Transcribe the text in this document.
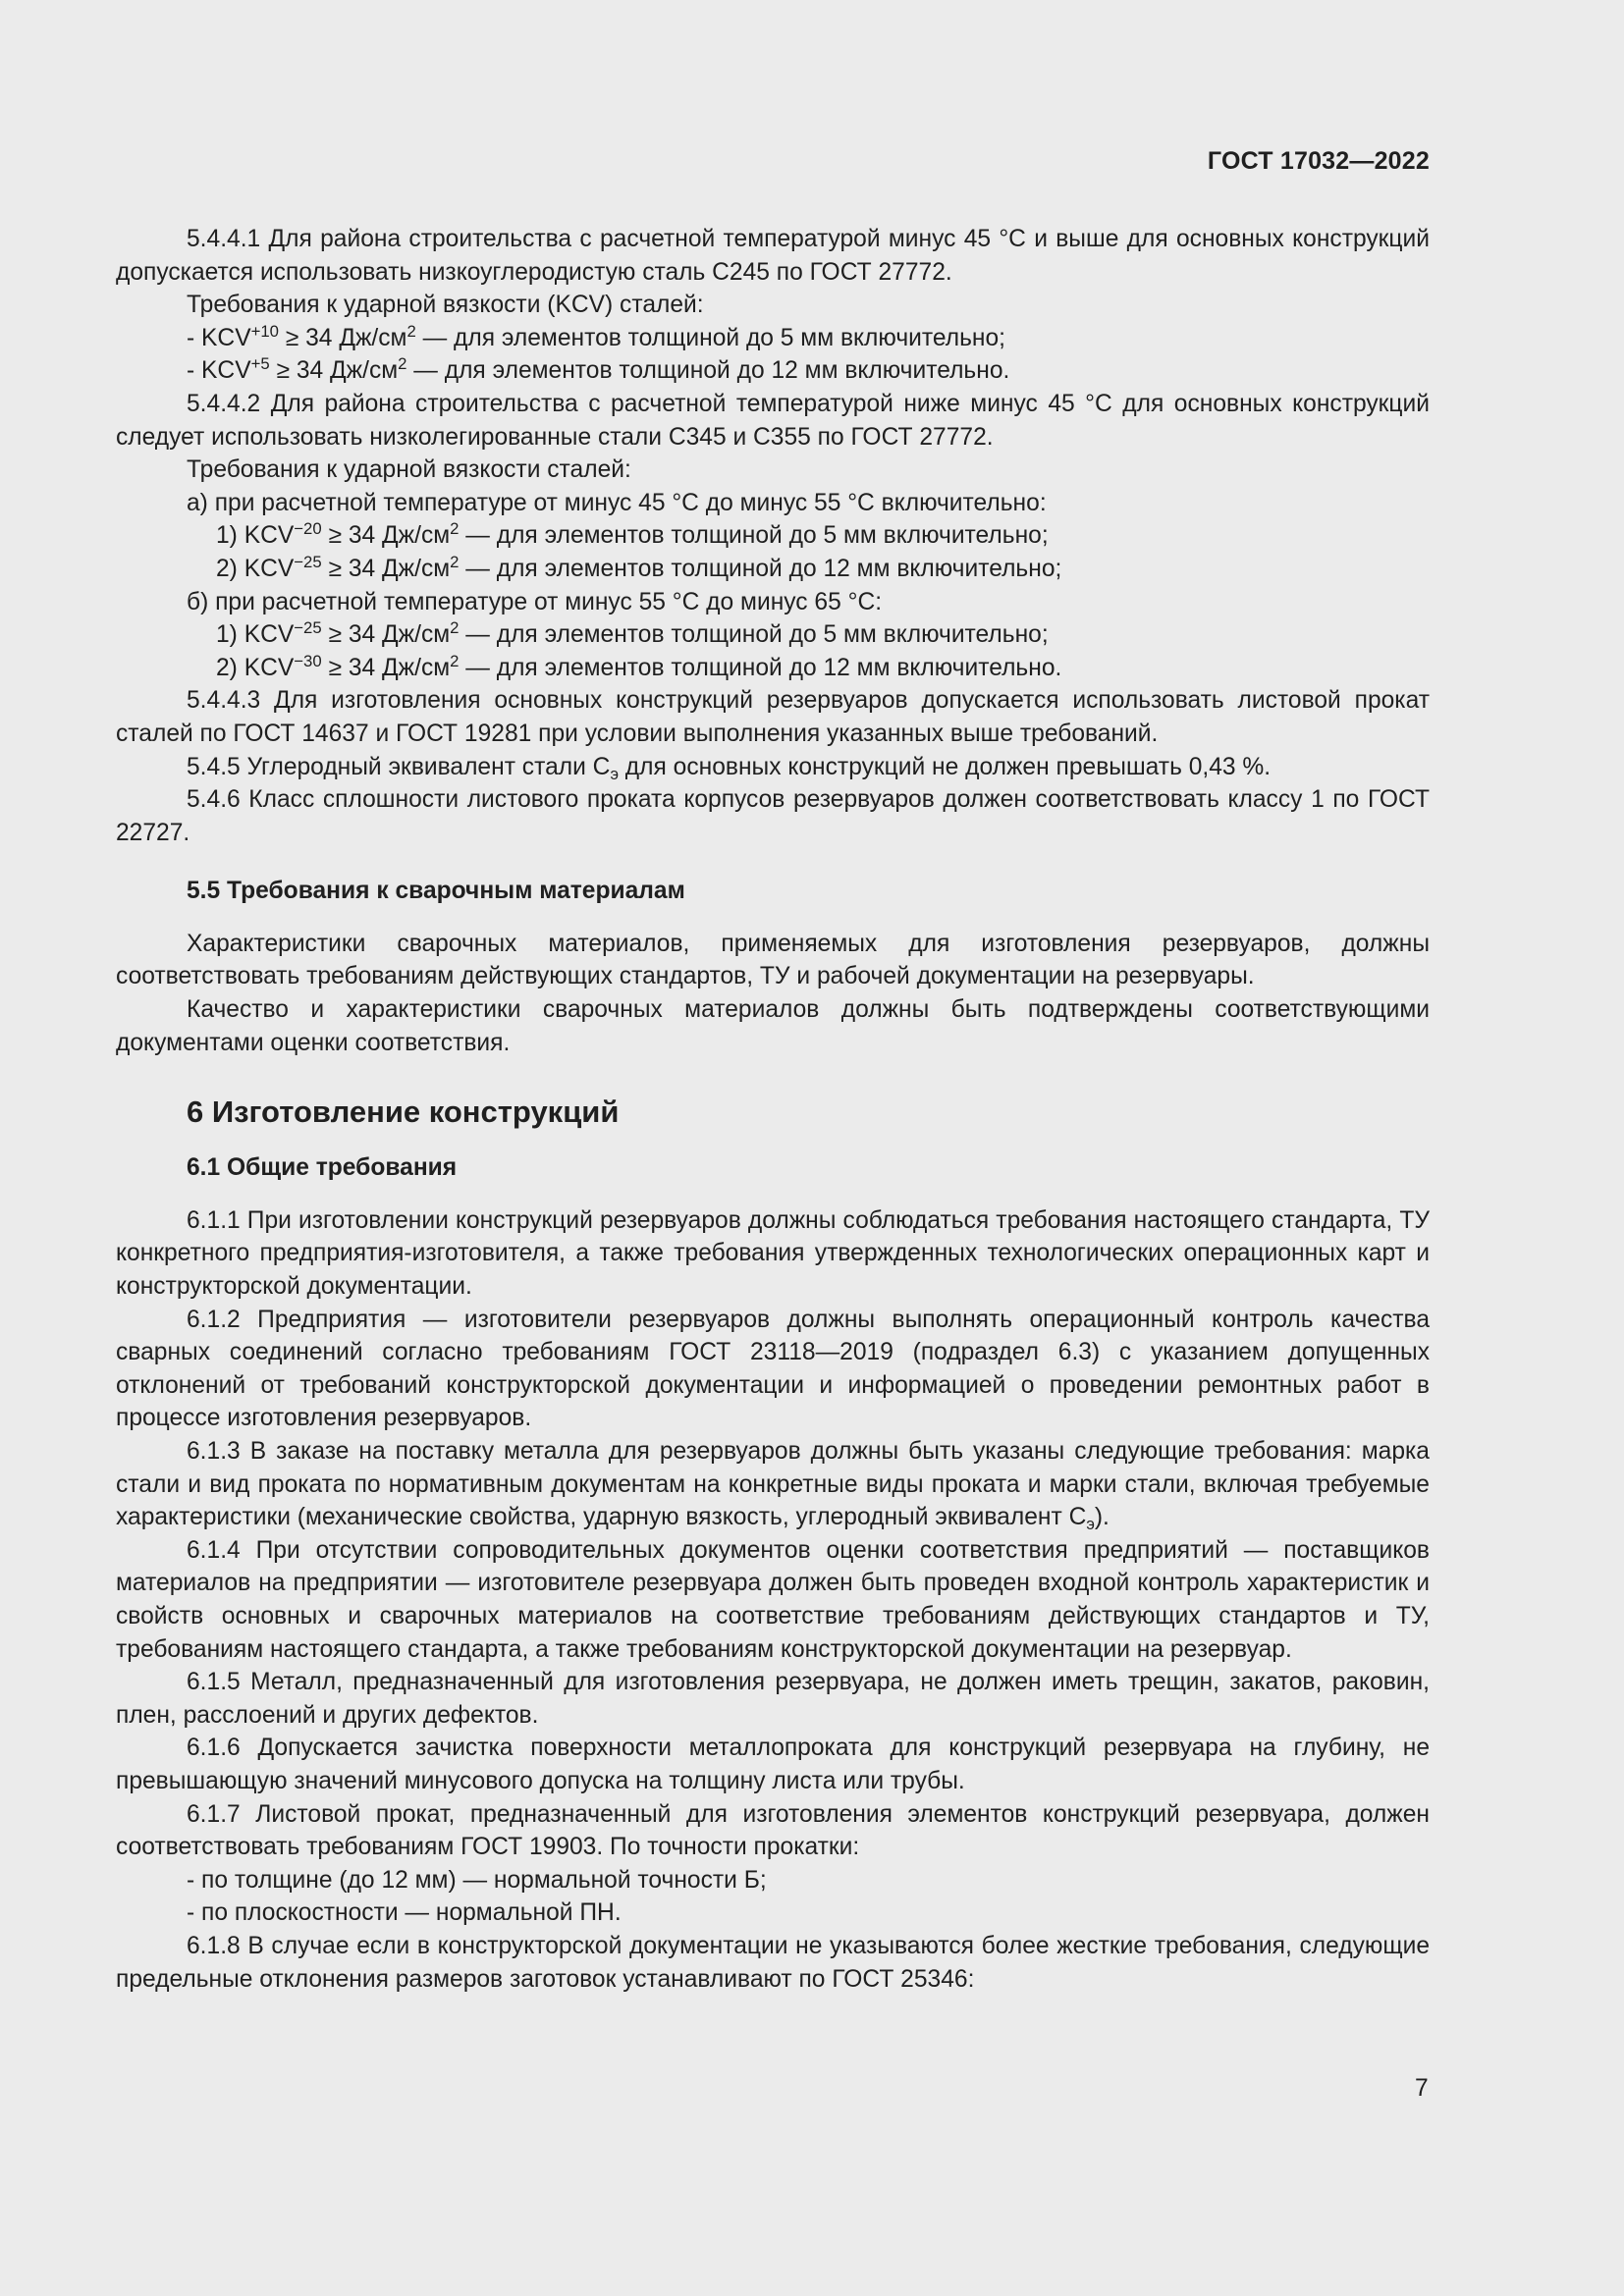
ГОСТ 17032—2022

5.4.4.1 Для района строительства с расчетной температурой минус 45 °С и выше для основных конструкций допускается использовать низкоуглеродистую сталь С245 по ГОСТ 27772.

Требования к ударной вязкости (KCV) сталей:

- $KCV^{+10} \ge 34$ $Дж/см^2$ — для элементов толщиной до 5 мм включительно;

- $KCV^{+5} \ge 34$ $Дж/см^2$ — для элементов толщиной до 12 мм включительно.

5.4.4.2 Для района строительства с расчетной температурой ниже минус 45 °С для основных конструкций следует использовать низколегированные стали С345 и С355 по ГОСТ 27772.

Требования к ударной вязкости сталей:

а) при расчетной температуре от минус 45 °С до минус 55 °С включительно:

1) $KCV^{-20} \ge 34$ $Дж/см^2$ — для элементов толщиной до 5 мм включительно;

2) $KCV^{-25} \ge 34$ $Дж/см^2$ — для элементов толщиной до 12 мм включительно;

б) при расчетной температуре от минус 55 °С до минус 65 °С:

1) $KCV^{-25} \ge 34$ $Дж/см^2$ — для элементов толщиной до 5 мм включительно;

2) $KCV^{-30} \ge 34$ $Дж/см^2$ — для элементов толщиной до 12 мм включительно.

5.4.4.3 Для изготовления основных конструкций резервуаров допускается использовать листовой прокат сталей по ГОСТ 14637 и ГОСТ 19281 при условии выполнения указанных выше требований.

5.4.5 Углеродный эквивалент стали $С_э$ для основных конструкций не должен превышать 0,43 %.

5.4.6 Класс сплошности листового проката корпусов резервуаров должен соответствовать классу 1 по ГОСТ 22727.

5.5 Требования к сварочным материалам

Характеристики сварочных материалов, применяемых для изготовления резервуаров, должны соответствовать требованиям действующих стандартов, ТУ и рабочей документации на резервуары.

Качество и характеристики сварочных материалов должны быть подтверждены соответствующими документами оценки соответствия.

6 Изготовление конструкций
6.1 Общие требования

6.1.1 При изготовлении конструкций резервуаров должны соблюдаться требования настоящего стандарта, ТУ конкретного предприятия-изготовителя, а также требования утвержденных технологических операционных карт и конструкторской документации.

6.1.2 Предприятия — изготовители резервуаров должны выполнять операционный контроль качества сварных соединений согласно требованиям ГОСТ 23118—2019 (подраздел 6.3) с указанием допущенных отклонений от требований конструкторской документации и информацией о проведении ремонтных работ в процессе изготовления резервуаров.

6.1.3 В заказе на поставку металла для резервуаров должны быть указаны следующие требования: марка стали и вид проката по нормативным документам на конкретные виды проката и марки стали, включая требуемые характеристики (механические свойства, ударную вязкость, углеродный эквивалент $С_э$).

6.1.4 При отсутствии сопроводительных документов оценки соответствия предприятий — поставщиков материалов на предприятии — изготовителе резервуара должен быть проведен входной контроль характеристик и свойств основных и сварочных материалов на соответствие требованиям действующих стандартов и ТУ, требованиям настоящего стандарта, а также требованиям конструкторской документации на резервуар.

6.1.5 Металл, предназначенный для изготовления резервуара, не должен иметь трещин, закатов, раковин, плен, расслоений и других дефектов.

6.1.6 Допускается зачистка поверхности металлопроката для конструкций резервуара на глубину, не превышающую значений минусового допуска на толщину листа или трубы.

6.1.7 Листовой прокат, предназначенный для изготовления элементов конструкций резервуара, должен соответствовать требованиям ГОСТ 19903. По точности прокатки:

- по толщине (до 12 мм) — нормальной точности Б;

- по плоскостности — нормальной ПН.

6.1.8 В случае если в конструкторской документации не указываются более жесткие требования, следующие предельные отклонения размеров заготовок устанавливают по ГОСТ 25346:

7
